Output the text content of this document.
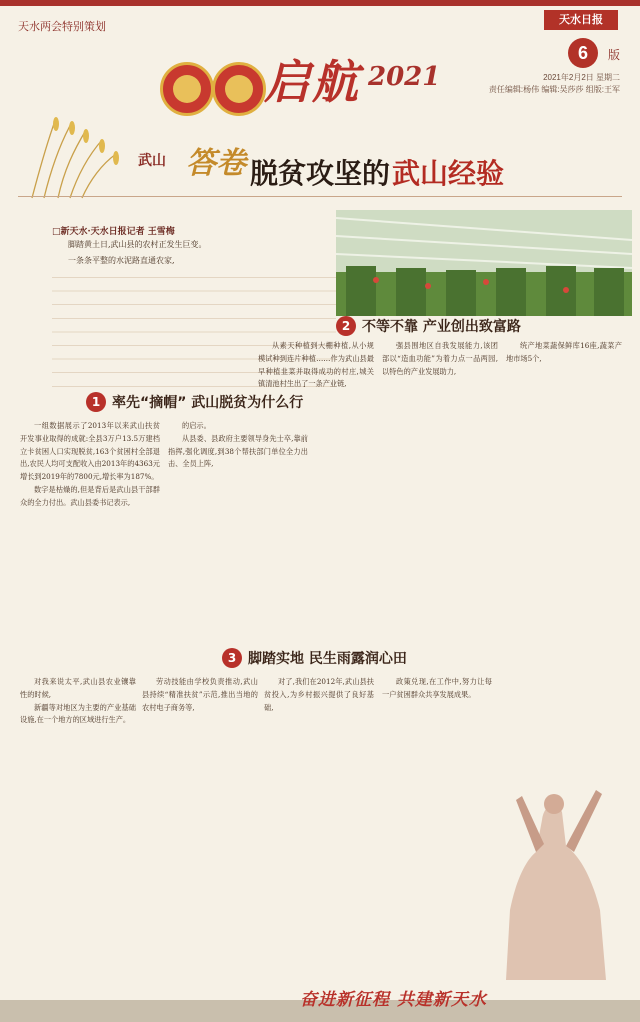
天水两会特别策划
天水日报
6	版
2021年2月2日 星期二
责任编辑:杨伟 编辑:吴莎莎 组版:王军
启航 2021
武山 答卷 脱贫攻坚的 武山经验
□新天水·天水日报记者 王雪梅

脚踏黄土日,武山县的农村正发生巨变。

一条条平整的水泥路直通农家,

1 率先“摘帽” 武山脱贫为什么行
2 不等不靠 产业创出致富路

一组数据展示了2013年以来武山扶贫开发事业取得的成就:全县3万户13.5万建档立卡贫困人口实现脱贫,163个贫困村全部退出,农民人均可支配收入由2013年的4363元增长到2019年的7800元,增长率为187%。

数字是枯燥的,但是背后是武山县干部群众的全力付出。武山县委书记表示,

的启示。

从县委、县政府主要领导身先士卒,靠前指挥,强化调度,到38个帮扶部门单位全力出击、全员上阵,

从素天种植到大棚种植,从小规模试种到连片种植……作为武山县最早种植韭菜并取得成功的村庄,城关镇清池村生出了一条产业链,

强县围地区自我发展能力,该团部以“造血功能”为着力点一品两园,以特色的产业发展助力,

统产地菜蔬保鲜库16座,蔬菜产地市场5个,

3 脚踏实地 民生雨露润心田

对我来说太平,武山县农业镶靠性的时候,

新疆等对地区为主要的产业基础设施,在一个地方的区域进行生产。

劳动技能由学校负责推动,武山县持续“精准扶贫”示范,推出当地的农村电子商务等,

对了,我们在2012年,武山县扶贫投入,为乡村振兴提供了良好基础,

政策兑现,在工作中,努力让每一户贫困群众共享发展成果。

奋进新征程 共建新天水
